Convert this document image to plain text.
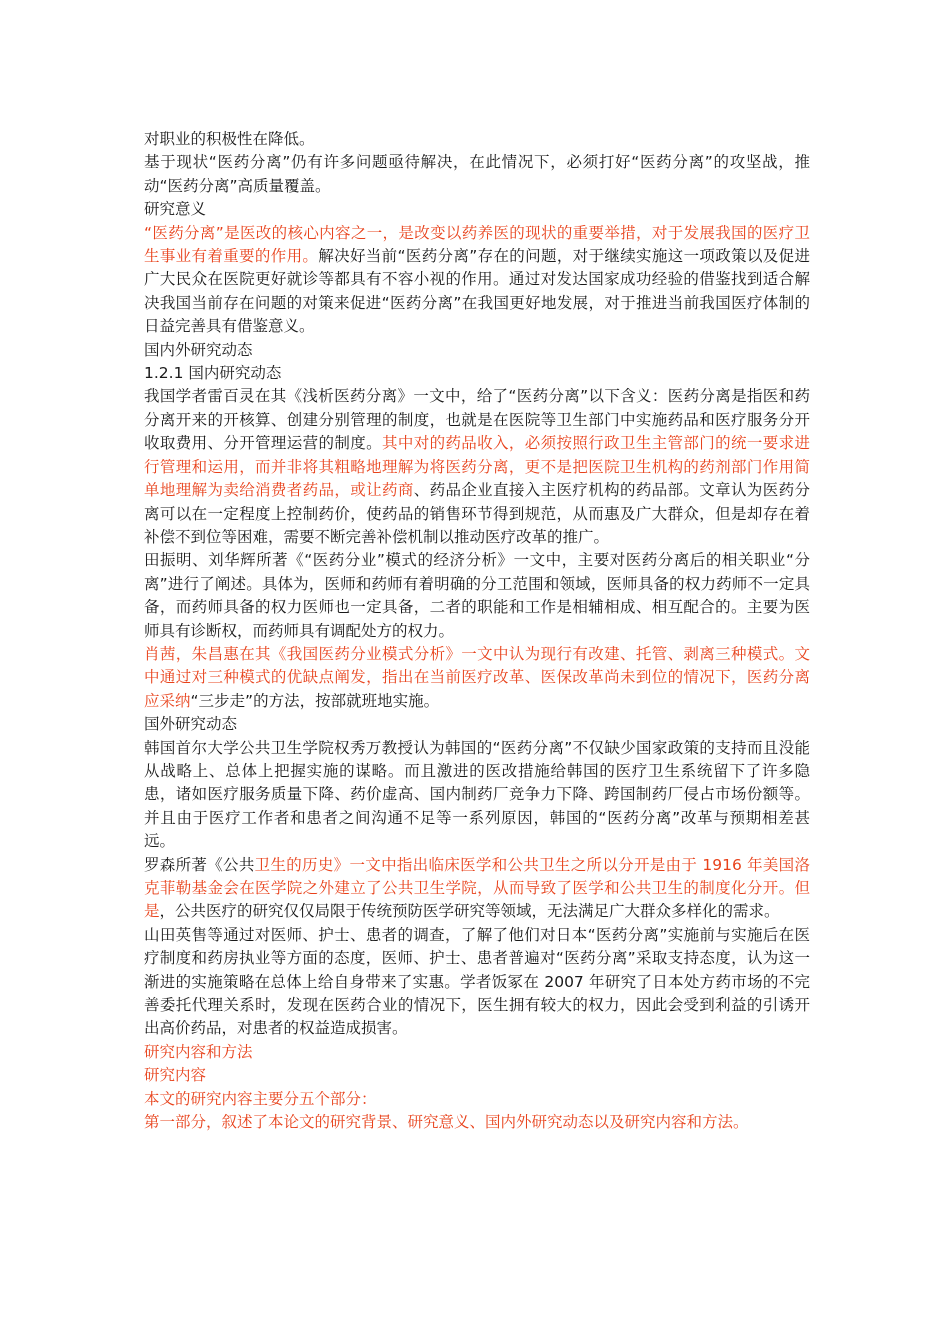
对职业的积极性在降低。

基于现状“医药分离”仍有许多问题亟待解决，在此情况下，必须打好“医药分离”的攻坚战，推动“医药分离”高质量覆盖。

研究意义

“医药分离”是医改的核心内容之一，是改变以药养医的现状的重要举措，对于发展我国的医疗卫生事业有着重要的作用。解决好当前“医药分离”存在的问题，对于继续实施这一项政策以及促进广大民众在医院更好就诊等都具有不容小视的作用。通过对发达国家成功经验的借鉴找到适合解决我国当前存在问题的对策来促进“医药分离”在我国更好地发展，对于推进当前我国医疗体制的日益完善具有借鉴意义。

国内外研究动态

1.2.1 国内研究动态

我国学者雷百灵在其《浅析医药分离》一文中，给了“医药分离”以下含义：医药分离是指医和药分离开来的开核算、创建分别管理的制度，也就是在医院等卫生部门中实施药品和医疗服务分开收取费用、分开管理运营的制度。其中对的药品收入，必须按照行政卫生主管部门的统一要求进行管理和运用，而并非将其粗略地理解为将医药分离，更不是把医院卫生机构的药剂部门作用简单地理解为卖给消费者药品，或让药商、药品企业直接入主医疗机构的药品部。文章认为医药分离可以在一定程度上控制药价，使药品的销售环节得到规范，从而惠及广大群众，但是却存在着补偿不到位等困难，需要不断完善补偿机制以推动医疗改革的推广。

田振明、刘华辉所著《“医药分业”模式的经济分析》一文中，主要对医药分离后的相关职业“分离”进行了阐述。具体为，医师和药师有着明确的分工范围和领域，医师具备的权力药师不一定具备，而药师具备的权力医师也一定具备，二者的职能和工作是相辅相成、相互配合的。主要为医师具有诊断权，而药师具有调配处方的权力。

肖茜，朱昌惠在其《我国医药分业模式分析》一文中认为现行有改建、托管、剥离三种模式。文中通过对三种模式的优缺点阐发，指出在当前医疗改革、医保改革尚未到位的情况下，医药分离应采纳“三步走”的方法，按部就班地实施。

国外研究动态

韩国首尔大学公共卫生学院权秀万教授认为韩国的“医药分离”不仅缺少国家政策的支持而且没能从战略上、总体上把握实施的谋略。而且激进的医改措施给韩国的医疗卫生系统留下了许多隐患，诸如医疗服务质量下降、药价虚高、国内制药厂竞争力下降、跨国制药厂侵占市场份额等。并且由于医疗工作者和患者之间沟通不足等一系列原因，韩国的“医药分离”改革与预期相差甚远。

罗森所著《公共卫生的历史》一文中指出临床医学和公共卫生之所以分开是由于 1916 年美国洛克菲勒基金会在医学院之外建立了公共卫生学院，从而导致了医学和公共卫生的制度化分开。但是，公共医疗的研究仅仅局限于传统预防医学研究等领域，无法满足广大群众多样化的需求。

山田英售等通过对医师、护士、患者的调查，了解了他们对日本“医药分离”实施前与实施后在医疗制度和药房执业等方面的态度，医师、护士、患者普遍对“医药分离”采取支持态度，认为这一渐进的实施策略在总体上给自身带来了实惠。学者饭冢在 2007 年研究了日本处方药市场的不完善委托代理关系时，发现在医药合业的情况下，医生拥有较大的权力，因此会受到利益的引诱开出高价药品，对患者的权益造成损害。

研究内容和方法

研究内容

本文的研究内容主要分五个部分：

第一部分，叙述了本论文的研究背景、研究意义、国内外研究动态以及研究内容和方法。
